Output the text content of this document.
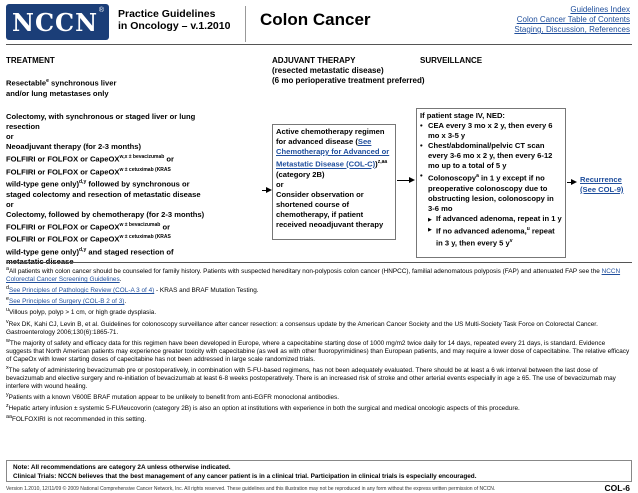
NCCN ® Practice Guidelines
in Oncology – v.1.2010 Colon Cancer
Guidelines Index
Colon Cancer Table of Contents
Staging, Discussion, References
TREATMENT	ADJUVANT THERAPY
(resected metastatic disease)
(6 mo perioperative treatment preferred)
SURVEILLANCE
Resectable$^e$ synchronous liver
and/or lung metastases only
Colectomy, with synchronous or staged liver or lung
resection
or
Neoadjuvant therapy (for 2-3 months)
FOLFIRI or FOLFOX or CapeOX$^{w,x \pm bevacizumab}$ or
FOLFIRI or FOLFOX or CapeOX$^{w \pm cetuximab (KRAS}$
wild-type gene only)$^{d,y}$ followed by synchronous or
staged colectomy and resection of metastatic disease
or
Colectomy, followed by chemotherapy (for 2-3 months)
FOLFIRI or FOLFOX or CapeOX$^{w \pm bevacizumab}$ or
FOLFIRI or FOLFOX or CapeOX$^{w \pm cetuximab (KRAS}$
wild-type gene only)$^{d,y}$ and staged resection of
Active chemotherapy regimen
for advanced disease (See
Chemotherapy for Advanced or
Metastatic Disease (COL-C))$^{z,aa}$
(category 2B)
or
Consider observation or
shortened course of
chemotherapy, if patient
received neoadjuvant therapy
If patient stage IV, NED:
• CEA every 3 mo x 2 y, then every 6 mo x 3-5 y
• Chest/abdominal/pelvic CT scan every 3-6 mo x 2 y, then every 6-12 mo up to a total of 5 y
• Colonoscopy$^a$ in 1 y except if no preoperative colonoscopy due to obstructing lesion, colonoscopy in 3-6 mo
▶ If advanced adenoma, repeat in 1 y
▶ If no advanced adenoma,$^u$ repeat in 3 y, then every 5 $y^v$
Recurrence
(See COL-9)

$^a$All patients with colon cancer should be counseled for family history. Patients with suspected hereditary non-polyposis colon cancer (HNPCC), familial adenomatous polyposis (FAP) and attenuated FAP see the NCCN Colorectal Cancer Screening Guidelines.

$^d$See Principles of Pathologic Review (COL-A 3 of 4) - KRAS and BRAF Mutation Testing.

$^e$See Principles of Surgery (COL-B 2 of 3).

$^u$Villous polyp, polyp > 1 cm, or high grade dysplasia.

$^v$Rex DK, Kahi CJ, Levin B, et al. Guidelines for colonoscopy surveillance after cancer resection: a consensus update by the American Cancer Society and the US Multi-Society Task Force on Colorectal Cancer. Gastroenterology 2006;130(6):1865-71.

$^w$The majority of safety and efficacy data for this regimen have been developed in Europe, where a capecitabine starting dose of 1000 mg/m2 twice daily for 14 days, repeated every 21 days, is standard. Evidence suggests that North American patients may experience greater toxicity with capecitabine (as well as with other fluoropyrimidines) than European patients, and may require a lower dose of capecitabine. The relative efficacy of CapeOx with lower starting doses of capecitabine has not been addressed in large scale randomized trials.

$^x$The safety of administering bevacizumab pre or postoperatively, in combination with 5-FU-based regimens, has not been adequately evaluated. There should be at least a 6 wk interval between the last dose of bevacizumab and elective surgery and re-initiation of bevacizumab at least 6-8 weeks postoperatively. There is an increased risk of stroke and other arterial events especially in age ≥ 65. The use of bevacizumab may interfere with wound healing.

$^y$Patients with a known V600E BRAF mutation appear to be unlikely to benefit from anti-EGFR monoclonal antibodies.

$^z$Hepatic artery infusion ± systemic 5-FU/leucovorin (category 2B) is also an option at institutions with experience in both the surgical and medical oncologic aspects of this procedure.

$^{aa}$FOLFOXIRI is not recommended in this setting.

Note: All recommendations are category 2A unless otherwise indicated.
Clinical Trials: NCCN believes that the best management of any cancer patient is in a clinical trial. Participation in clinical trials is especially encouraged.
Version 1.2010, 12/11/09 © 2009 National Comprehensive Cancer Network, Inc. All rights reserved. These guidelines and this illustration may not be reproduced in any form without the express written permission of NCCN.	COL-6
